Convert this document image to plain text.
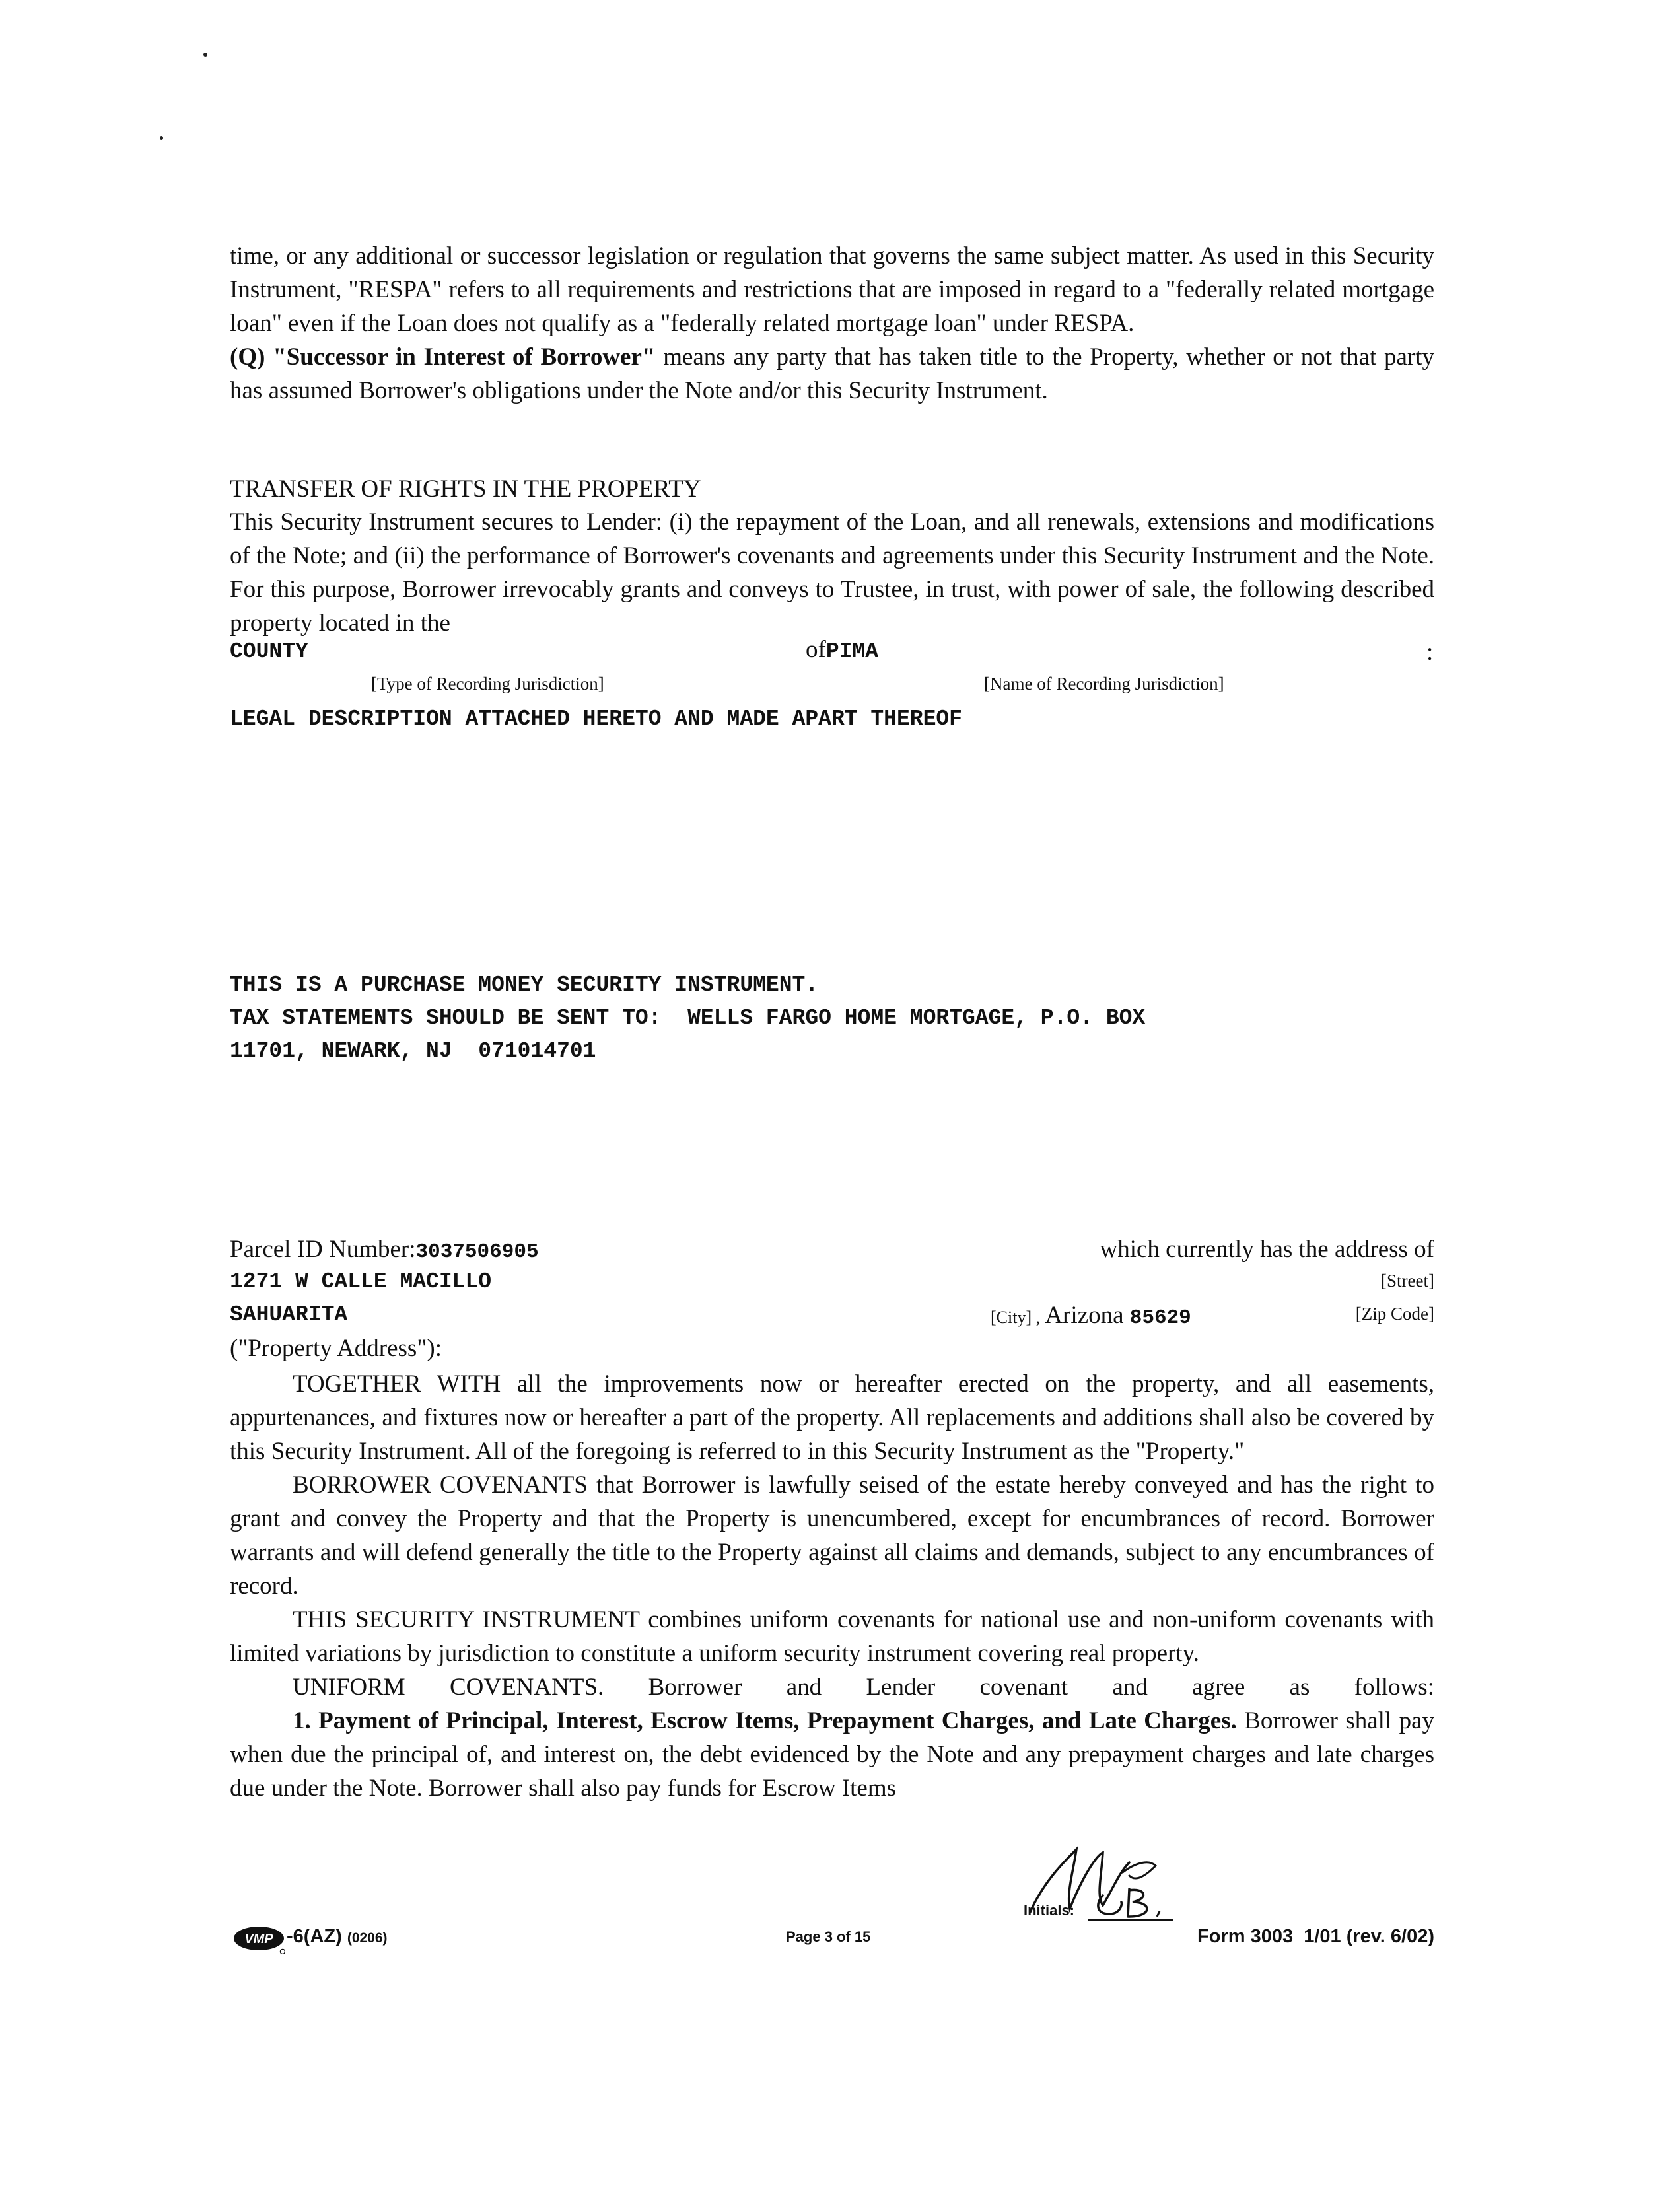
time, or any additional or successor legislation or regulation that governs the same subject matter. As used in this Security Instrument, "RESPA" refers to all requirements and restrictions that are imposed in regard to a "federally related mortgage loan" even if the Loan does not qualify as a "federally related mortgage loan" under RESPA.

(Q) "Successor in Interest of Borrower" means any party that has taken title to the Property, whether or not that party has assumed Borrower's obligations under the Note and/or this Security Instrument.

TRANSFER OF RIGHTS IN THE PROPERTY
This Security Instrument secures to Lender: (i) the repayment of the Loan, and all renewals, extensions and modifications of the Note; and (ii) the performance of Borrower's covenants and agreements under this Security Instrument and the Note. For this purpose, Borrower irrevocably grants and conveys to Trustee, in trust, with power of sale, the following described property located in the
COUNTY	ofPIMA	:
[Type of Recording Jurisdiction]	[Name of Recording Jurisdiction]
LEGAL DESCRIPTION ATTACHED HERETO AND MADE APART THEREOF
THIS IS A PURCHASE MONEY SECURITY INSTRUMENT.
TAX STATEMENTS SHOULD BE SENT TO:  WELLS FARGO HOME MORTGAGE, P.O. BOX
11701, NEWARK, NJ  071014701
Parcel ID Number:3037506905	which currently has the address of
1271 W CALLE MACILLO	[Street]
SAHUARITA	[City] , Arizona 85629	[Zip Code]
("Property Address"):

TOGETHER WITH all the improvements now or hereafter erected on the property, and all easements, appurtenances, and fixtures now or hereafter a part of the property. All replacements and additions shall also be covered by this Security Instrument. All of the foregoing is referred to in this Security Instrument as the "Property."

BORROWER COVENANTS that Borrower is lawfully seised of the estate hereby conveyed and has the right to grant and convey the Property and that the Property is unencumbered, except for encumbrances of record. Borrower warrants and will defend generally the title to the Property against all claims and demands, subject to any encumbrances of record.

THIS SECURITY INSTRUMENT combines uniform covenants for national use and non-uniform covenants with limited variations by jurisdiction to constitute a uniform security instrument covering real property.

UNIFORM COVENANTS. Borrower and Lender covenant and agree as follows:

1. Payment of Principal, Interest, Escrow Items, Prepayment Charges, and Late Charges. Borrower shall pay when due the principal of, and interest on, the debt evidenced by the Note and any prepayment charges and late charges due under the Note. Borrower shall also pay funds for Escrow Items

Initials:
VMP -6(AZ) (0206)	Page 3 of 15	Form 3003  1/01 (rev. 6/02)
